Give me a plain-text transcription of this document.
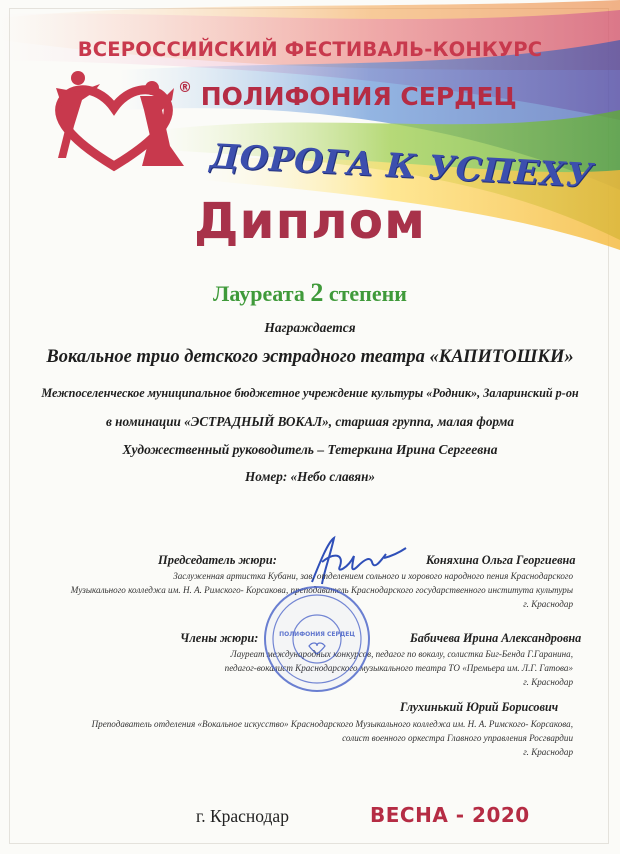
ВСЕРОССИЙСКИЙ ФЕСТИВАЛЬ-КОНКУРС
® ПОЛИФОНИЯ СЕРДЕЦ
ДОРОГА К УСПЕХУ
Диплом
Лауреата 2 степени
Награждается
Вокальное трио детского эстрадного театра «КАПИТОШКИ»
Межпоселенческое муниципальное бюджетное учреждение культуры «Родник», Заларинский р-он
в номинации «ЭСТРАДНЫЙ ВОКАЛ», старшая группа, малая форма
Художественный руководитель – Тетеркина Ирина Сергеевна
Номер: «Небо славян»
Председатель жюри:	Коняхина Ольга Георгиевна
Заслуженная артистка Кубани, зав. отделением сольного и хорового народного пения Краснодарского
Музыкального колледжа им. Н. А. Римского- Корсакова, преподаватель Краснодарского государственного института культуры
г. Краснодар
Члены жюри:	Бабичева Ирина Александровна
Лауреат международных конкурсов, педагог по вокалу, солистка Биг-Бенда Г.Гаранина,
педагог-вокалист Краснодарского музыкального театра ТО «Премьера им. Л.Г. Гатова»
г. Краснодар
Глухинький Юрий Борисович
Преподаватель отделения «Вокальное искусство» Краснодарского Музыкального колледжа им. Н. А. Римского- Корсакова,
солист военного оркестра Главного управления Росгвардии
г. Краснодар
ПОЛИФОНИЯ СЕРДЕЦ
г. Краснодар	ВЕСНА - 2020
